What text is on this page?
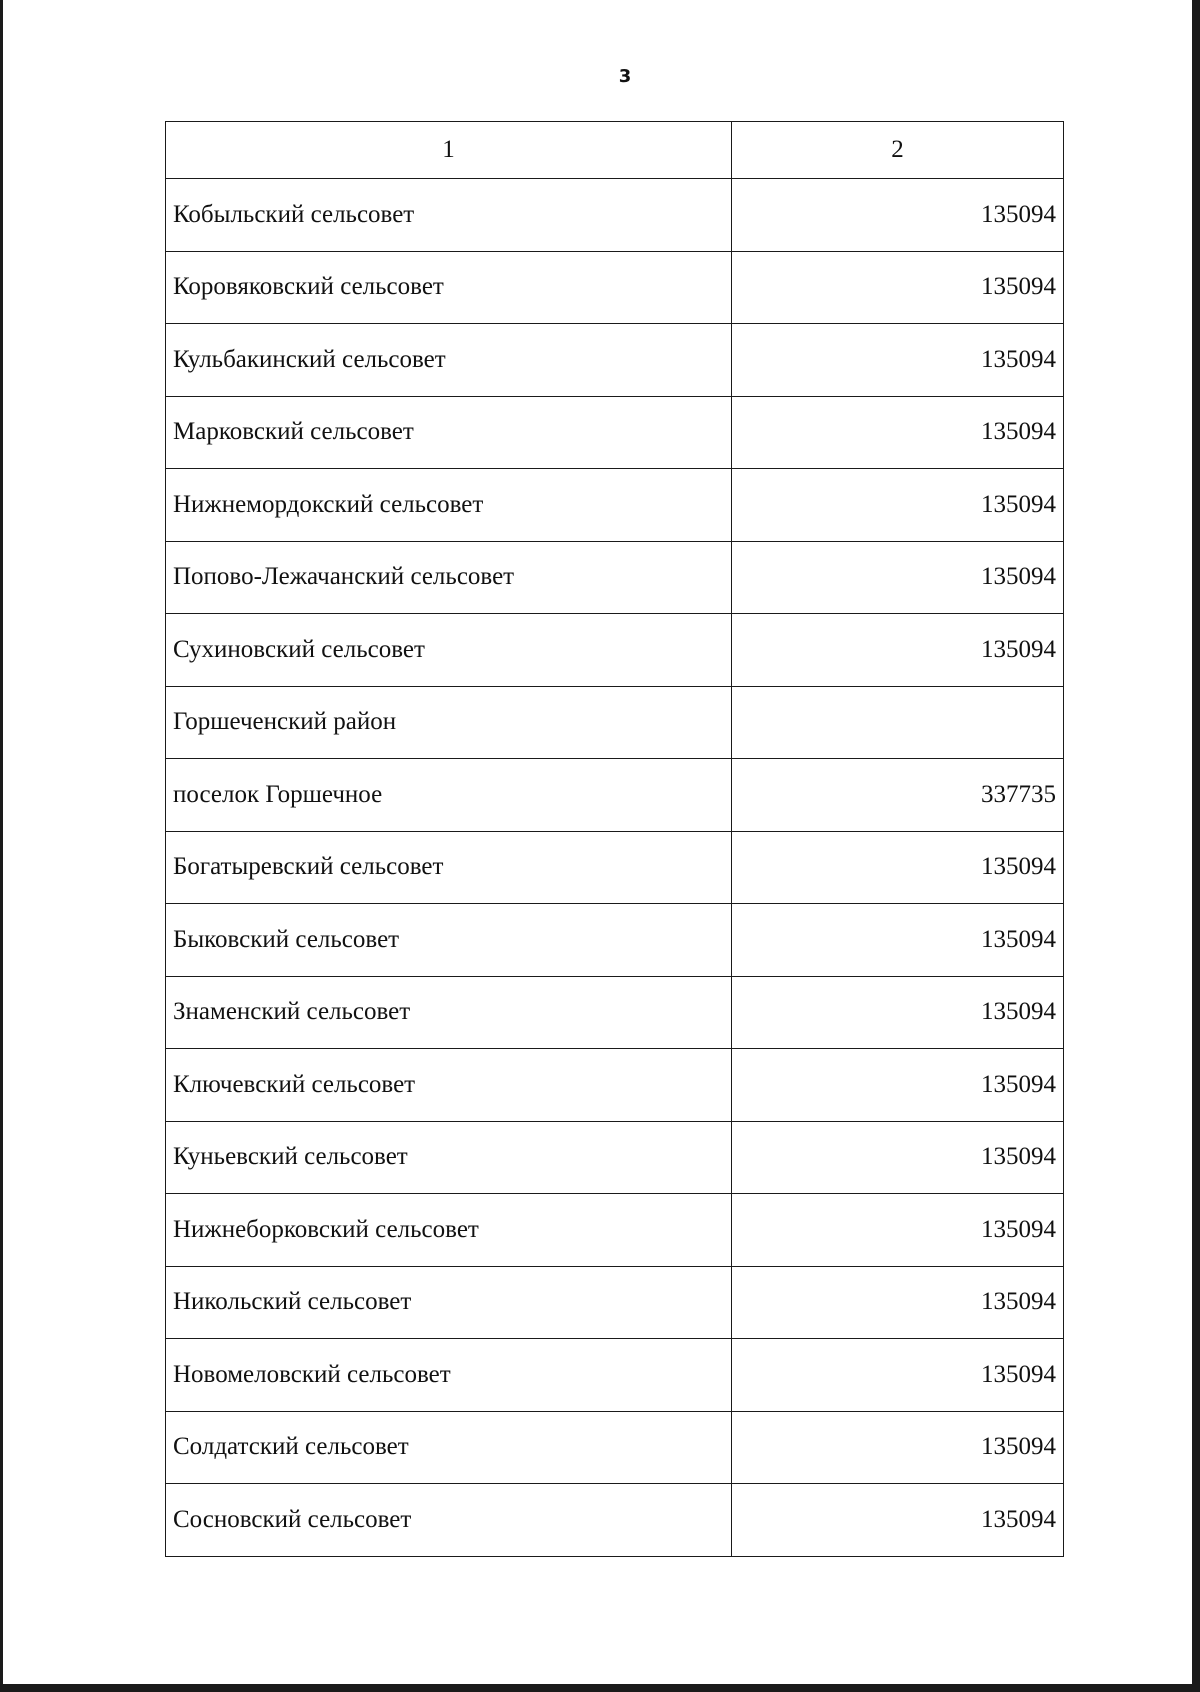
3
1	2
Кобыльский сельсовет	135094
Коровяковский сельсовет	135094
Кульбакинский сельсовет	135094
Марковский сельсовет	135094
Нижнемордокский сельсовет	135094
Попово-Лежачанский сельсовет	135094
Сухиновский сельсовет	135094
Горшеченский район	
поселок Горшечное	337735
Богатыревский сельсовет	135094
Быковский сельсовет	135094
Знаменский сельсовет	135094
Ключевский сельсовет	135094
Куньевский сельсовет	135094
Нижнеборковский сельсовет	135094
Никольский сельсовет	135094
Новомеловский сельсовет	135094
Солдатский сельсовет	135094
Сосновский сельсовет	135094
